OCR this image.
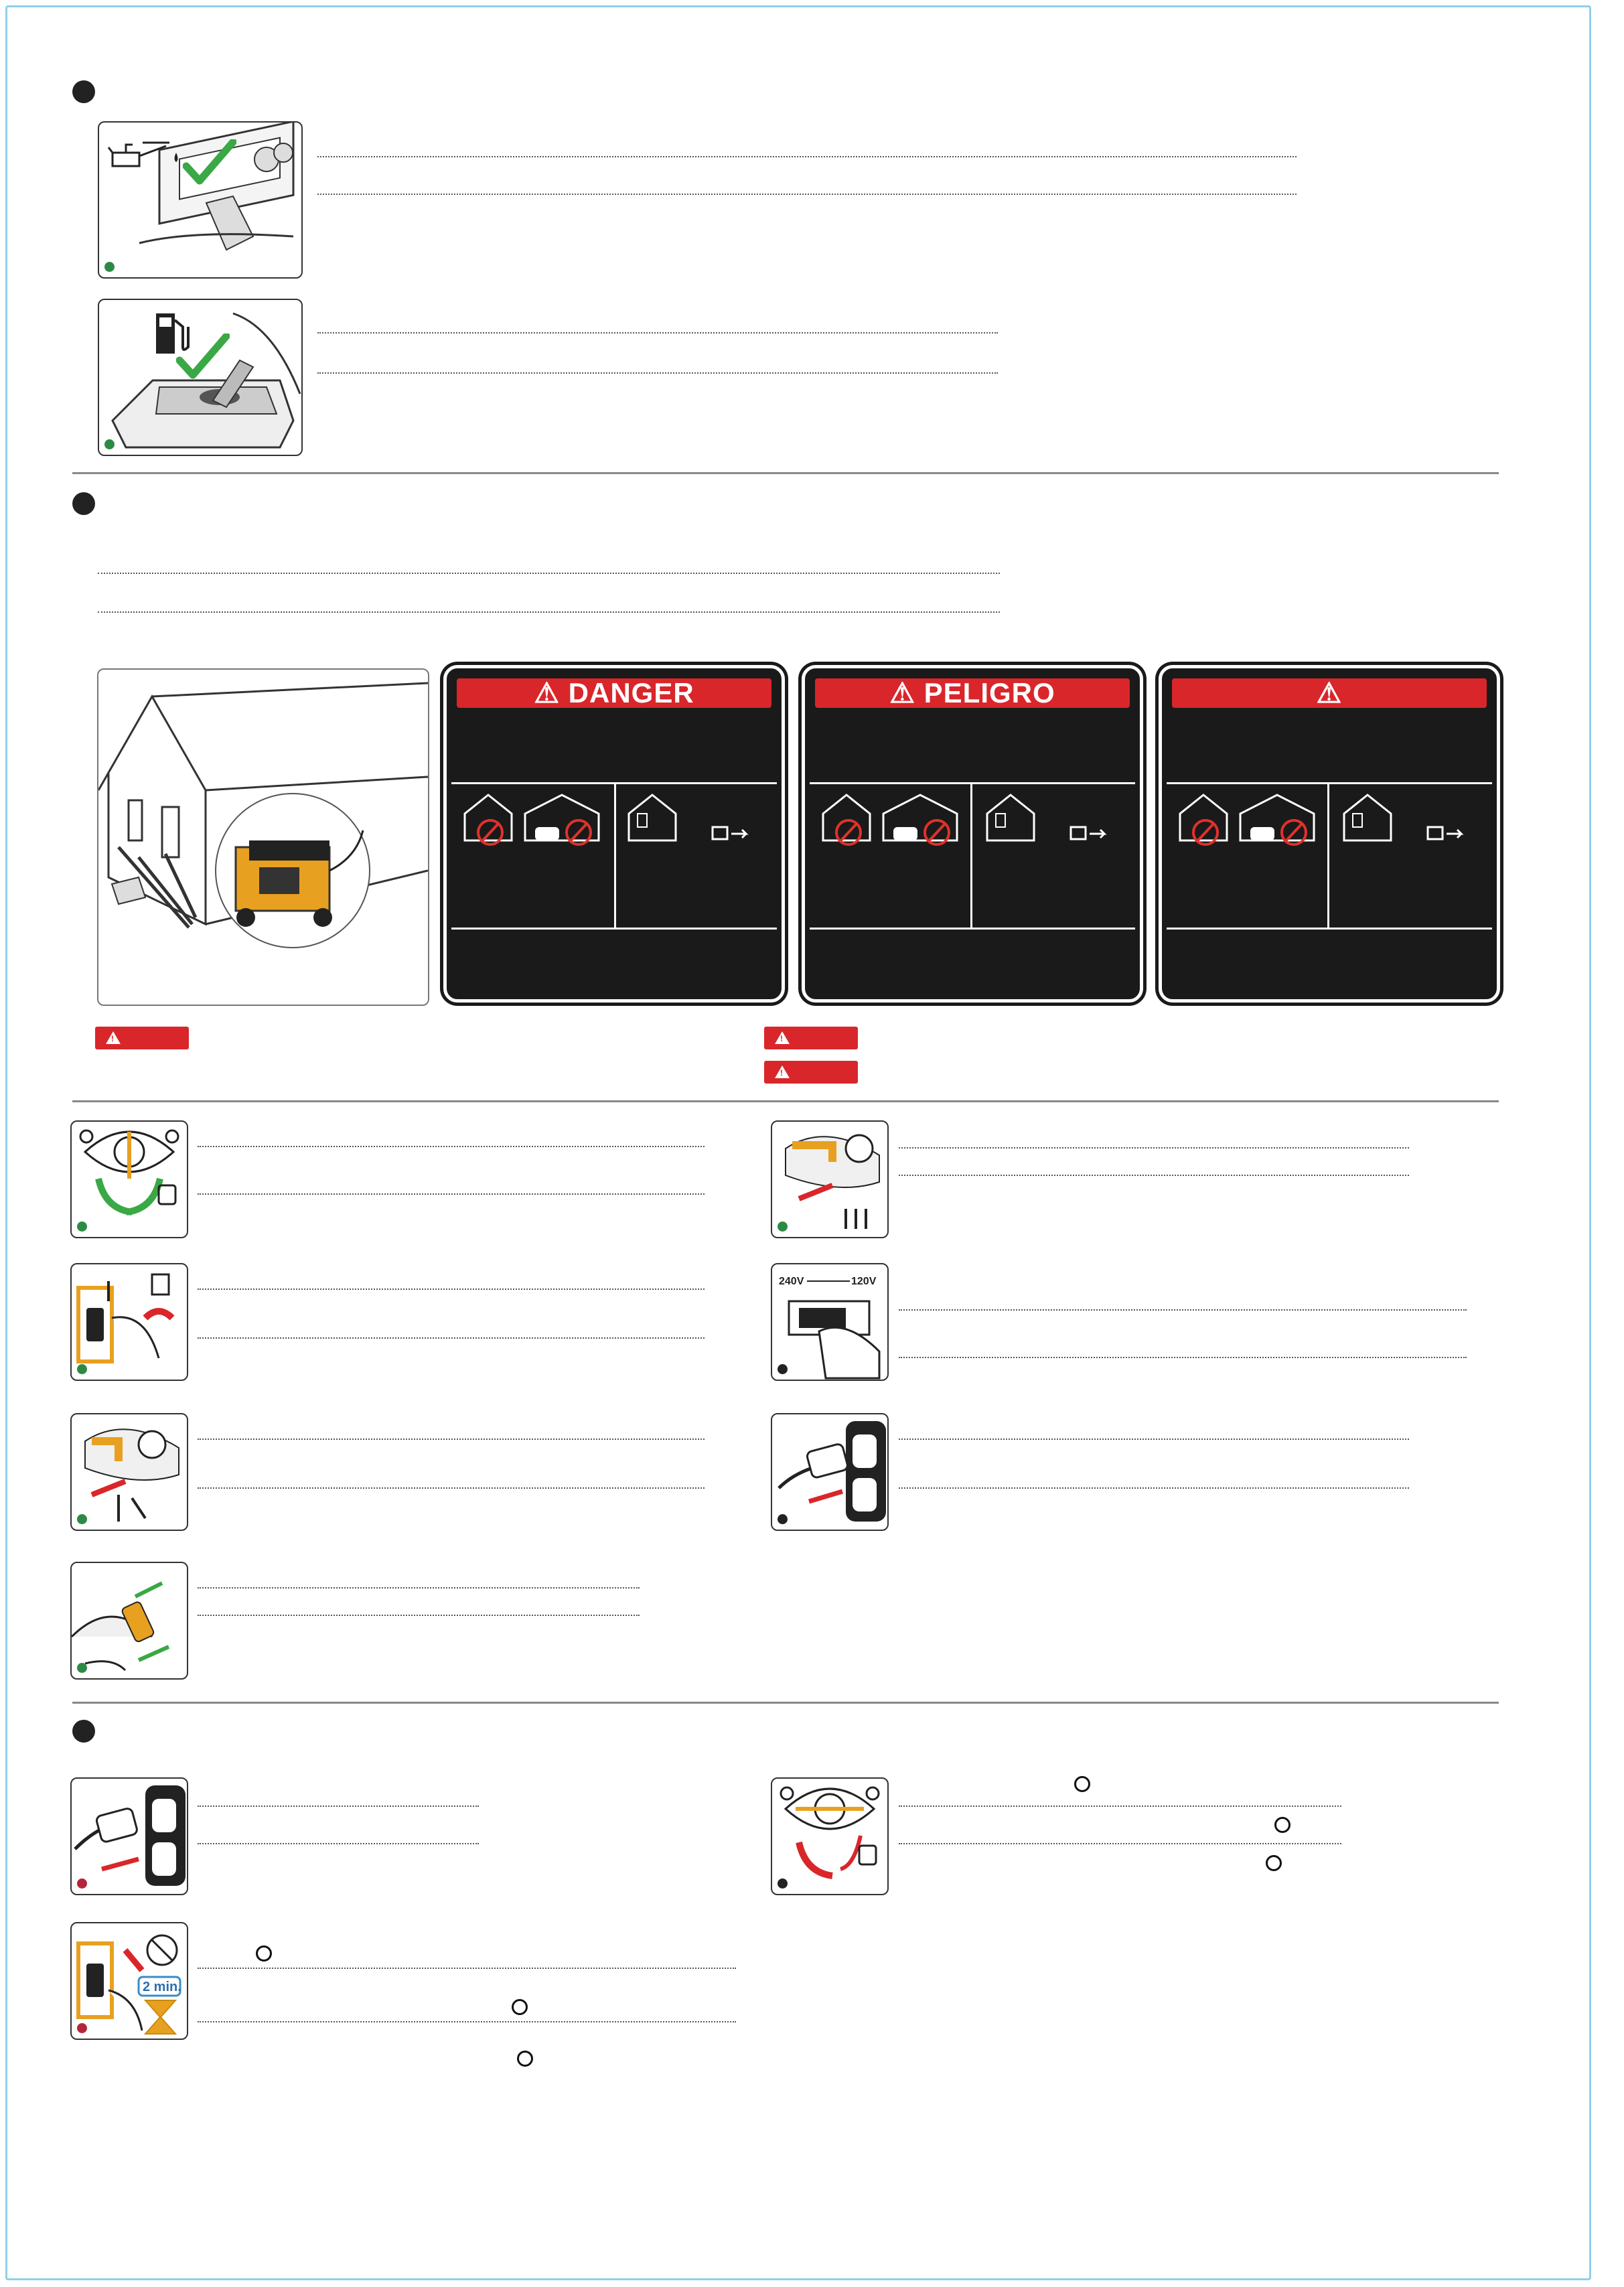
⚠ DANGER	⚠ PELIGRO	⚠
!
!
!
240V	120V
2 min.
